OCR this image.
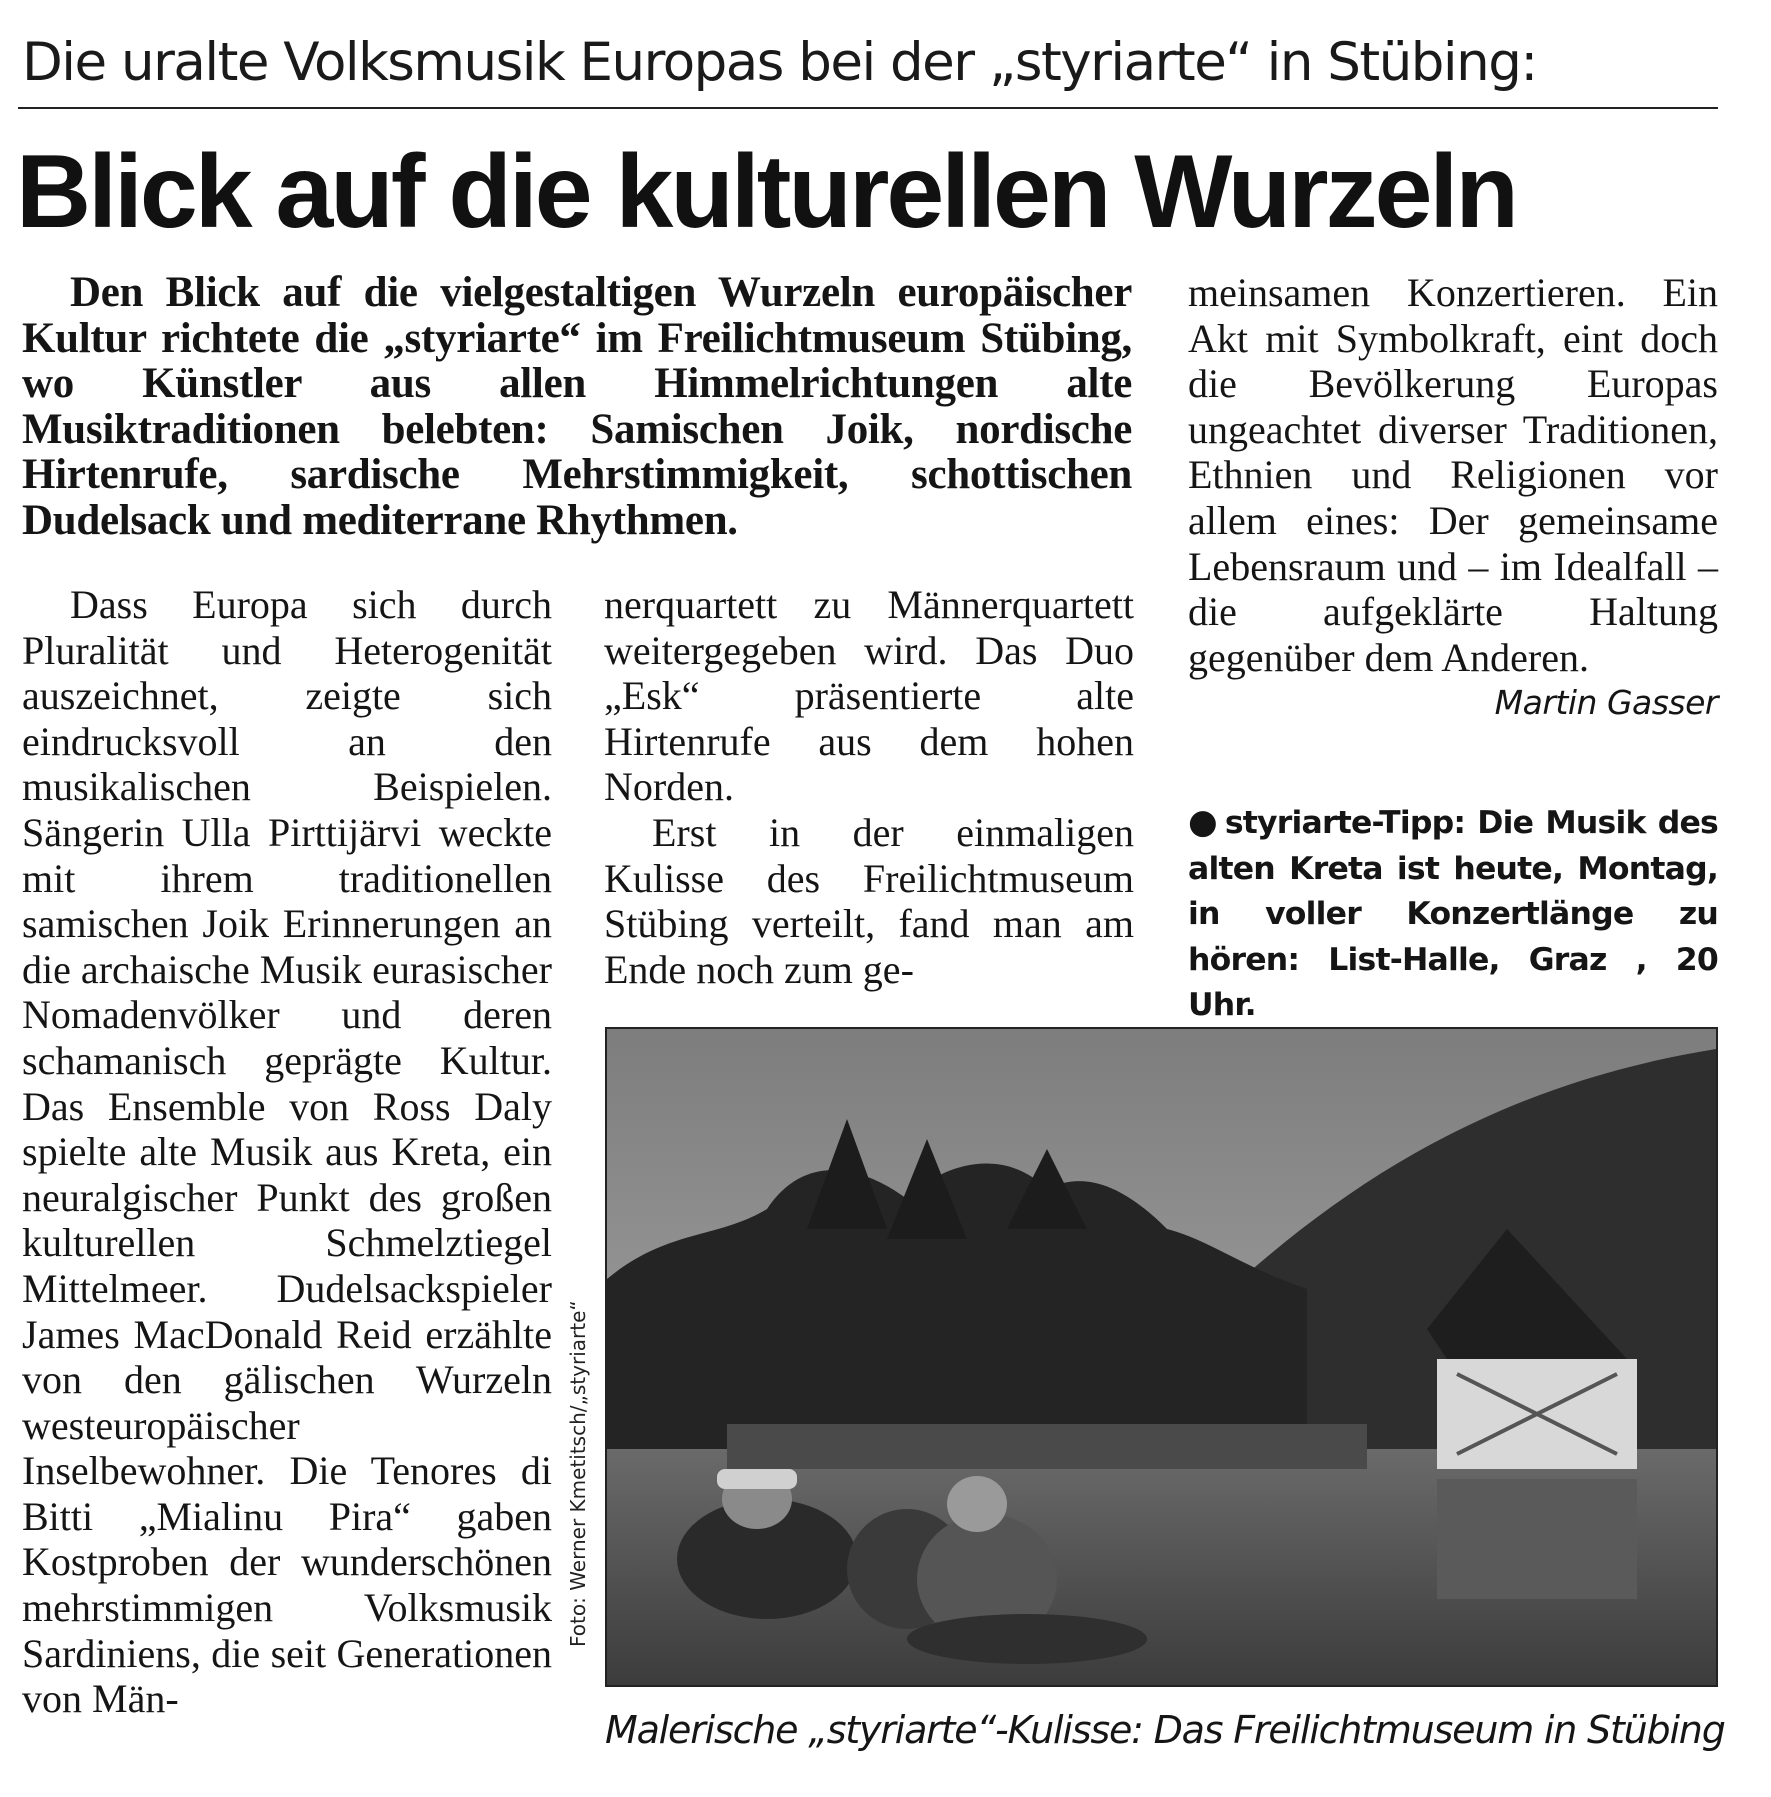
Die uralte Volksmusik Europas bei der „styriarte“ in Stübing:
Blick auf die kulturellen Wurzeln
Den Blick auf die vielgestaltigen Wurzeln europäischer Kultur richtete die „styriarte“ im Freilichtmuseum Stübing, wo Künstler aus allen Himmelrichtungen alte Musiktraditionen belebten: Samischen Joik, nordische Hirtenrufe, sardische Mehrstimmigkeit, schottischen Dudelsack und mediterrane Rhythmen.
Dass Europa sich durch Pluralität und Heterogenität auszeichnet, zeigte sich eindrucksvoll an den musikalischen Beispielen. Sängerin Ulla Pirttijärvi weckte mit ihrem traditionellen samischen Joik Erinnerungen an die archaische Musik eurasischer Nomadenvölker und deren schamanisch geprägte Kultur. Das Ensemble von Ross Daly spielte alte Musik aus Kreta, ein neuralgischer Punkt des großen kulturellen Schmelztiegel Mittelmeer. Dudelsackspieler James MacDonald Reid erzählte von den gälischen Wurzeln westeuropäischer Inselbewohner. Die Tenores di Bitti „Mialinu Pira“ gaben Kostproben der wunderschönen mehrstimmigen Volksmusik Sardiniens, die seit Generationen von Män-

nerquartett zu Männerquartett weitergegeben wird. Das Duo „Esk“ präsentierte alte Hirtenrufe aus dem hohen Norden.

Erst in der einmaligen Kulisse des Freilichtmuseum Stübing verteilt, fand man am Ende noch zum ge-

meinsamen Konzertieren. Ein Akt mit Symbolkraft, eint doch die Bevölkerung Europas ungeachtet diverser Traditionen, Ethnien und Religionen vor allem eines: Der gemeinsame Lebensraum und – im Idealfall – die aufgeklärte Haltung gegenüber dem Anderen.
Martin Gasser
● styriarte-Tipp: Die Musik des alten Kreta ist heute, Montag, in voller Konzertlänge zu hören: List-Halle, Graz , 20 Uhr.
Foto: Werner Kmetitsch/„styriarte“
Malerische „styriarte“-Kulisse: Das Freilichtmuseum in Stübing
